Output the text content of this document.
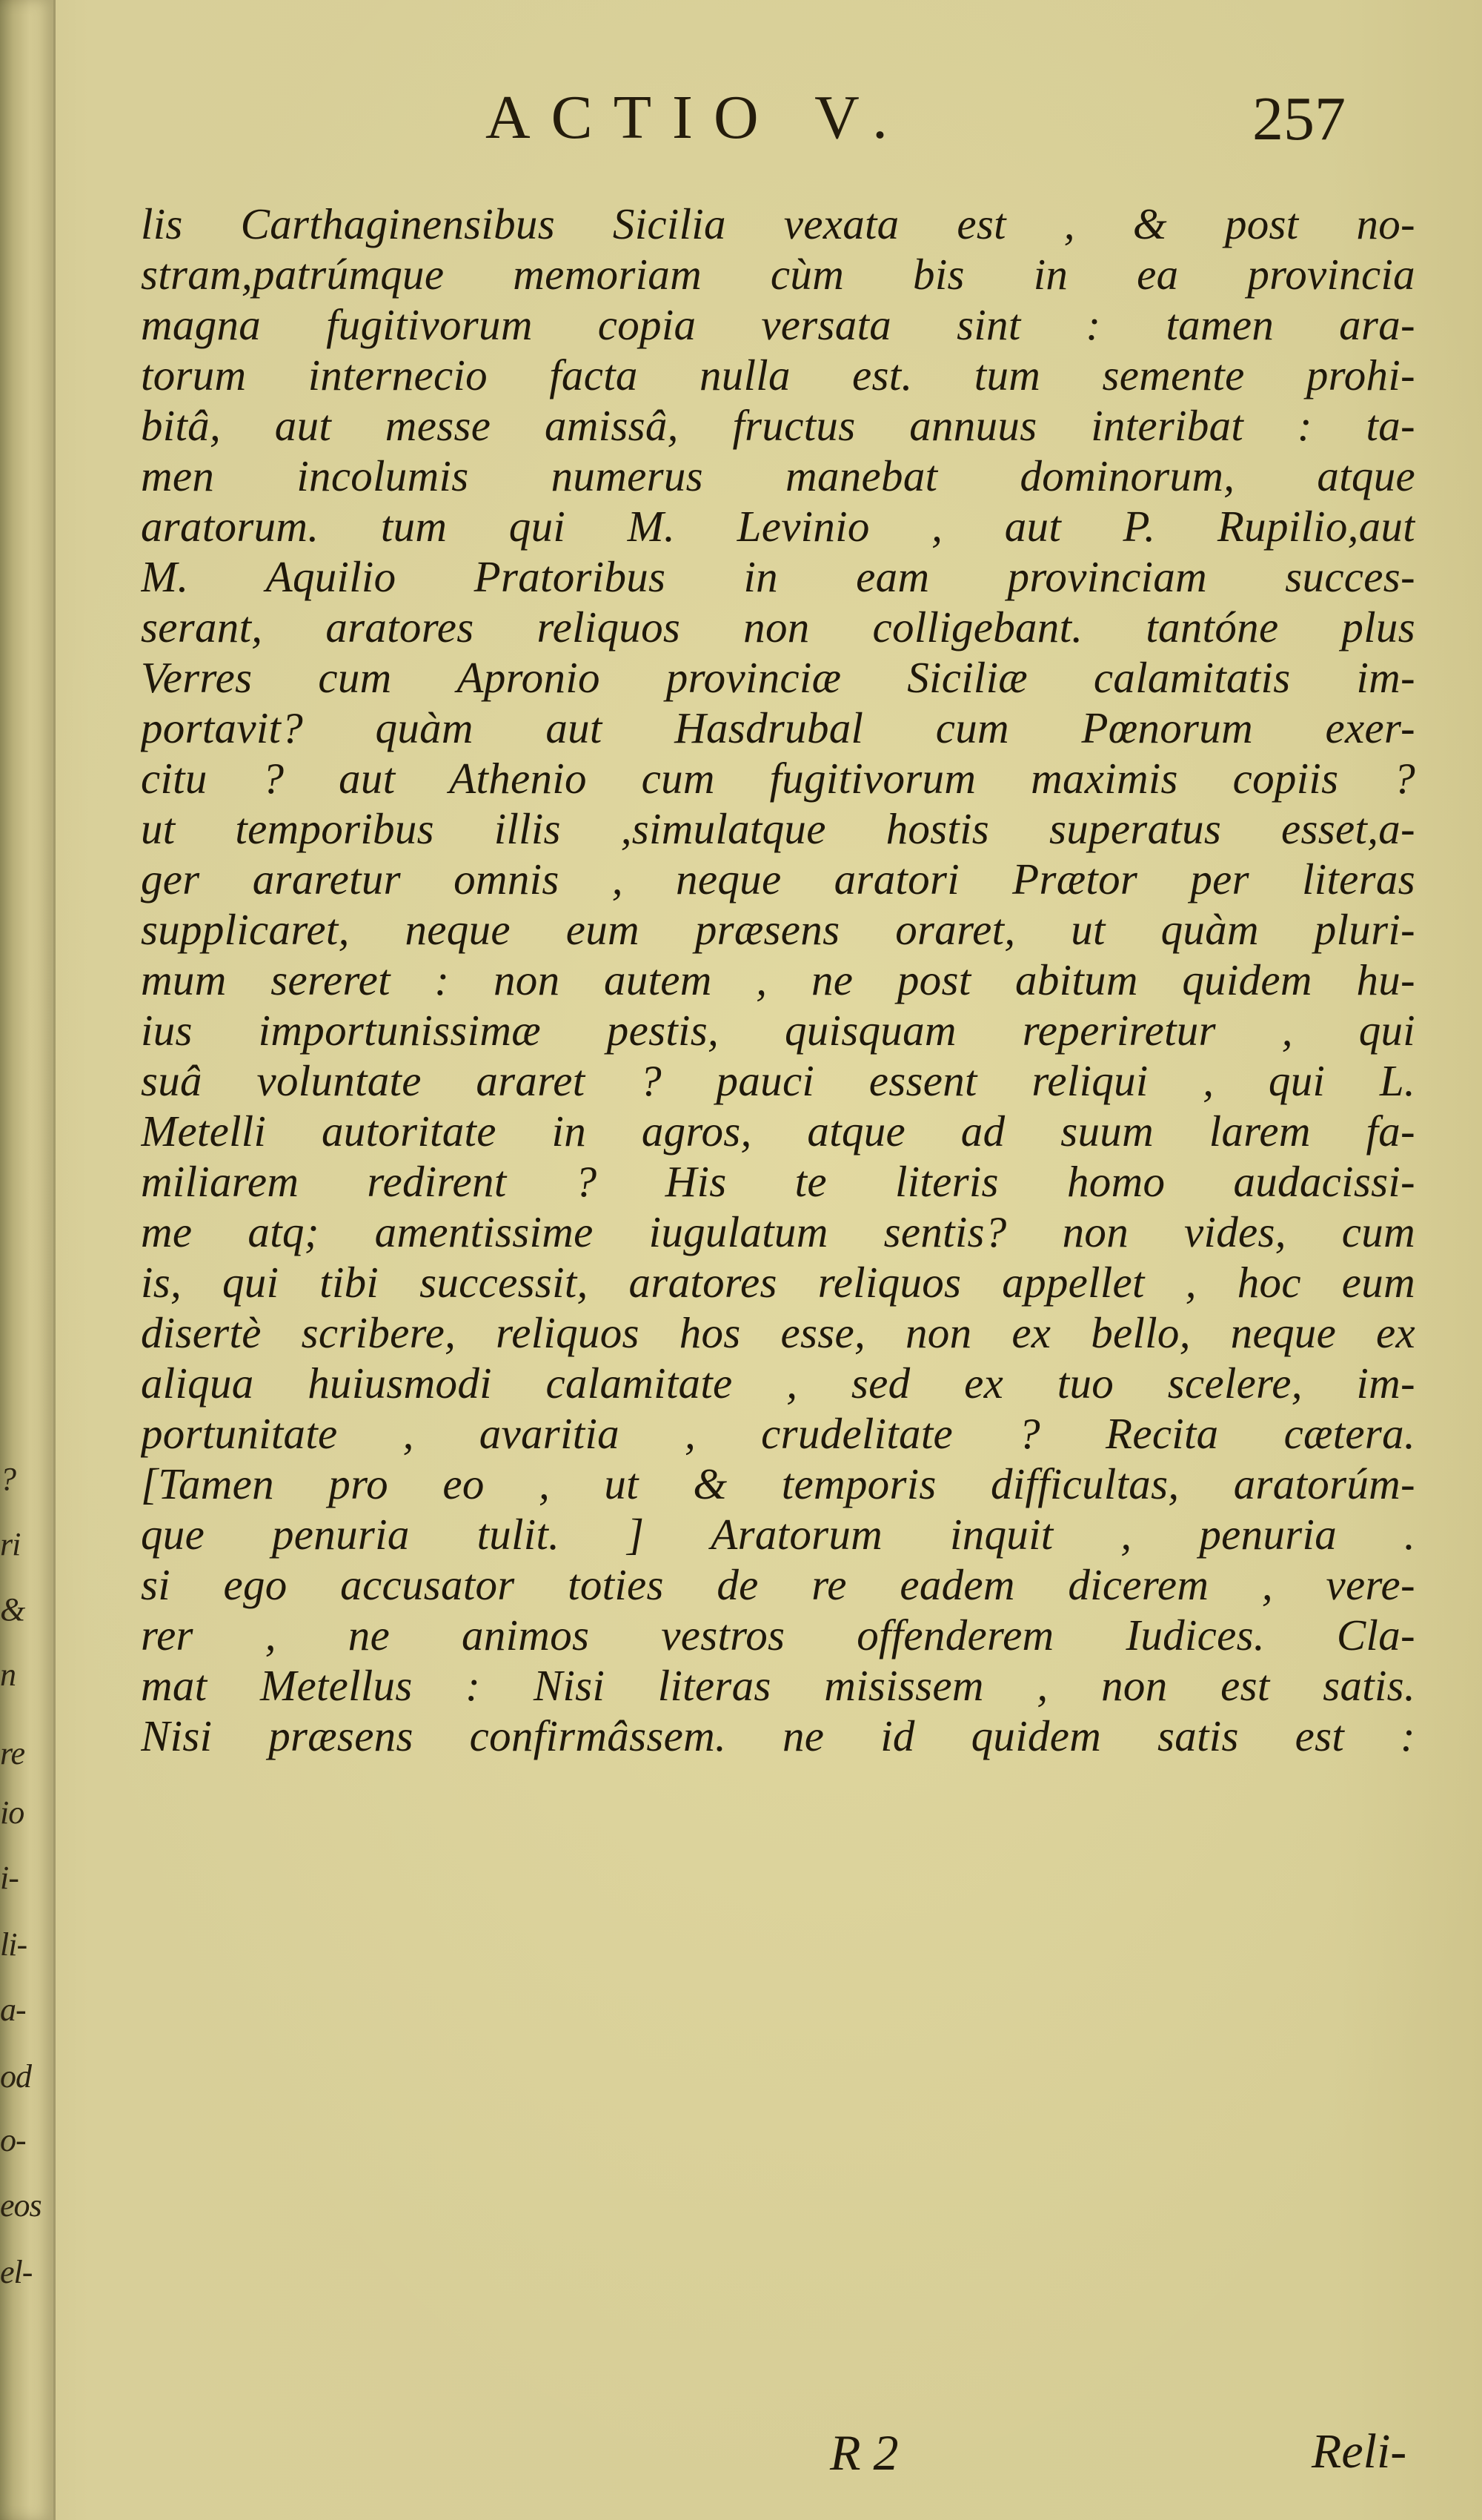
?
ri
&
n
re
io
i-
li-
a-
od
o-
eos
el-
ACTIO V.	257
lis Carthaginensibus Sicilia vexata est , & post no-
stram,patrúmque memoriam cùm bis in ea provincia
magna fugitivorum copia versata sint : tamen ara-
torum internecio facta nulla est. tum semente prohi-
bitâ, aut messe amissâ, fructus annuus interibat : ta-
men incolumis numerus manebat dominorum, atque
aratorum. tum qui M. Levinio , aut P. Rupilio,aut
M. Aquilio Pratoribus in eam provinciam succes-
serant, aratores reliquos non colligebant. tantóne plus
Verres cum Apronio provinciæ Siciliæ calamitatis im-
portavit? quàm aut Hasdrubal cum Pœnorum exer-
citu ? aut Athenio cum fugitivorum maximis copiis ?
ut temporibus illis ,simulatque hostis superatus esset,a-
ger araretur omnis , neque aratori Prætor per literas
supplicaret, neque eum præsens oraret, ut quàm pluri-
mum sereret : non autem , ne post abitum quidem hu-
ius importunissimæ pestis, quisquam reperiretur , qui
suâ voluntate araret ? pauci essent reliqui , qui L.
Metelli autoritate in agros, atque ad suum larem fa-
miliarem redirent ? His te literis homo audacissi-
me atq; amentissime iugulatum sentis? non vides, cum
is, qui tibi successit, aratores reliquos appellet , hoc eum
disertè scribere, reliquos hos esse, non ex bello, neque ex
aliqua huiusmodi calamitate , sed ex tuo scelere, im-
portunitate , avaritia , crudelitate ? Recita cætera.
[Tamen pro eo , ut & temporis difficultas, aratorúm-
que penuria tulit. ] Aratorum inquit , penuria .
si ego accusator toties de re eadem dicerem , vere-
rer , ne animos vestros offenderem Iudices. Cla-
mat Metellus : Nisi literas misissem , non est satis.
Nisi præsens confirmâssem. ne id quidem satis est :
R 2	Reli-
